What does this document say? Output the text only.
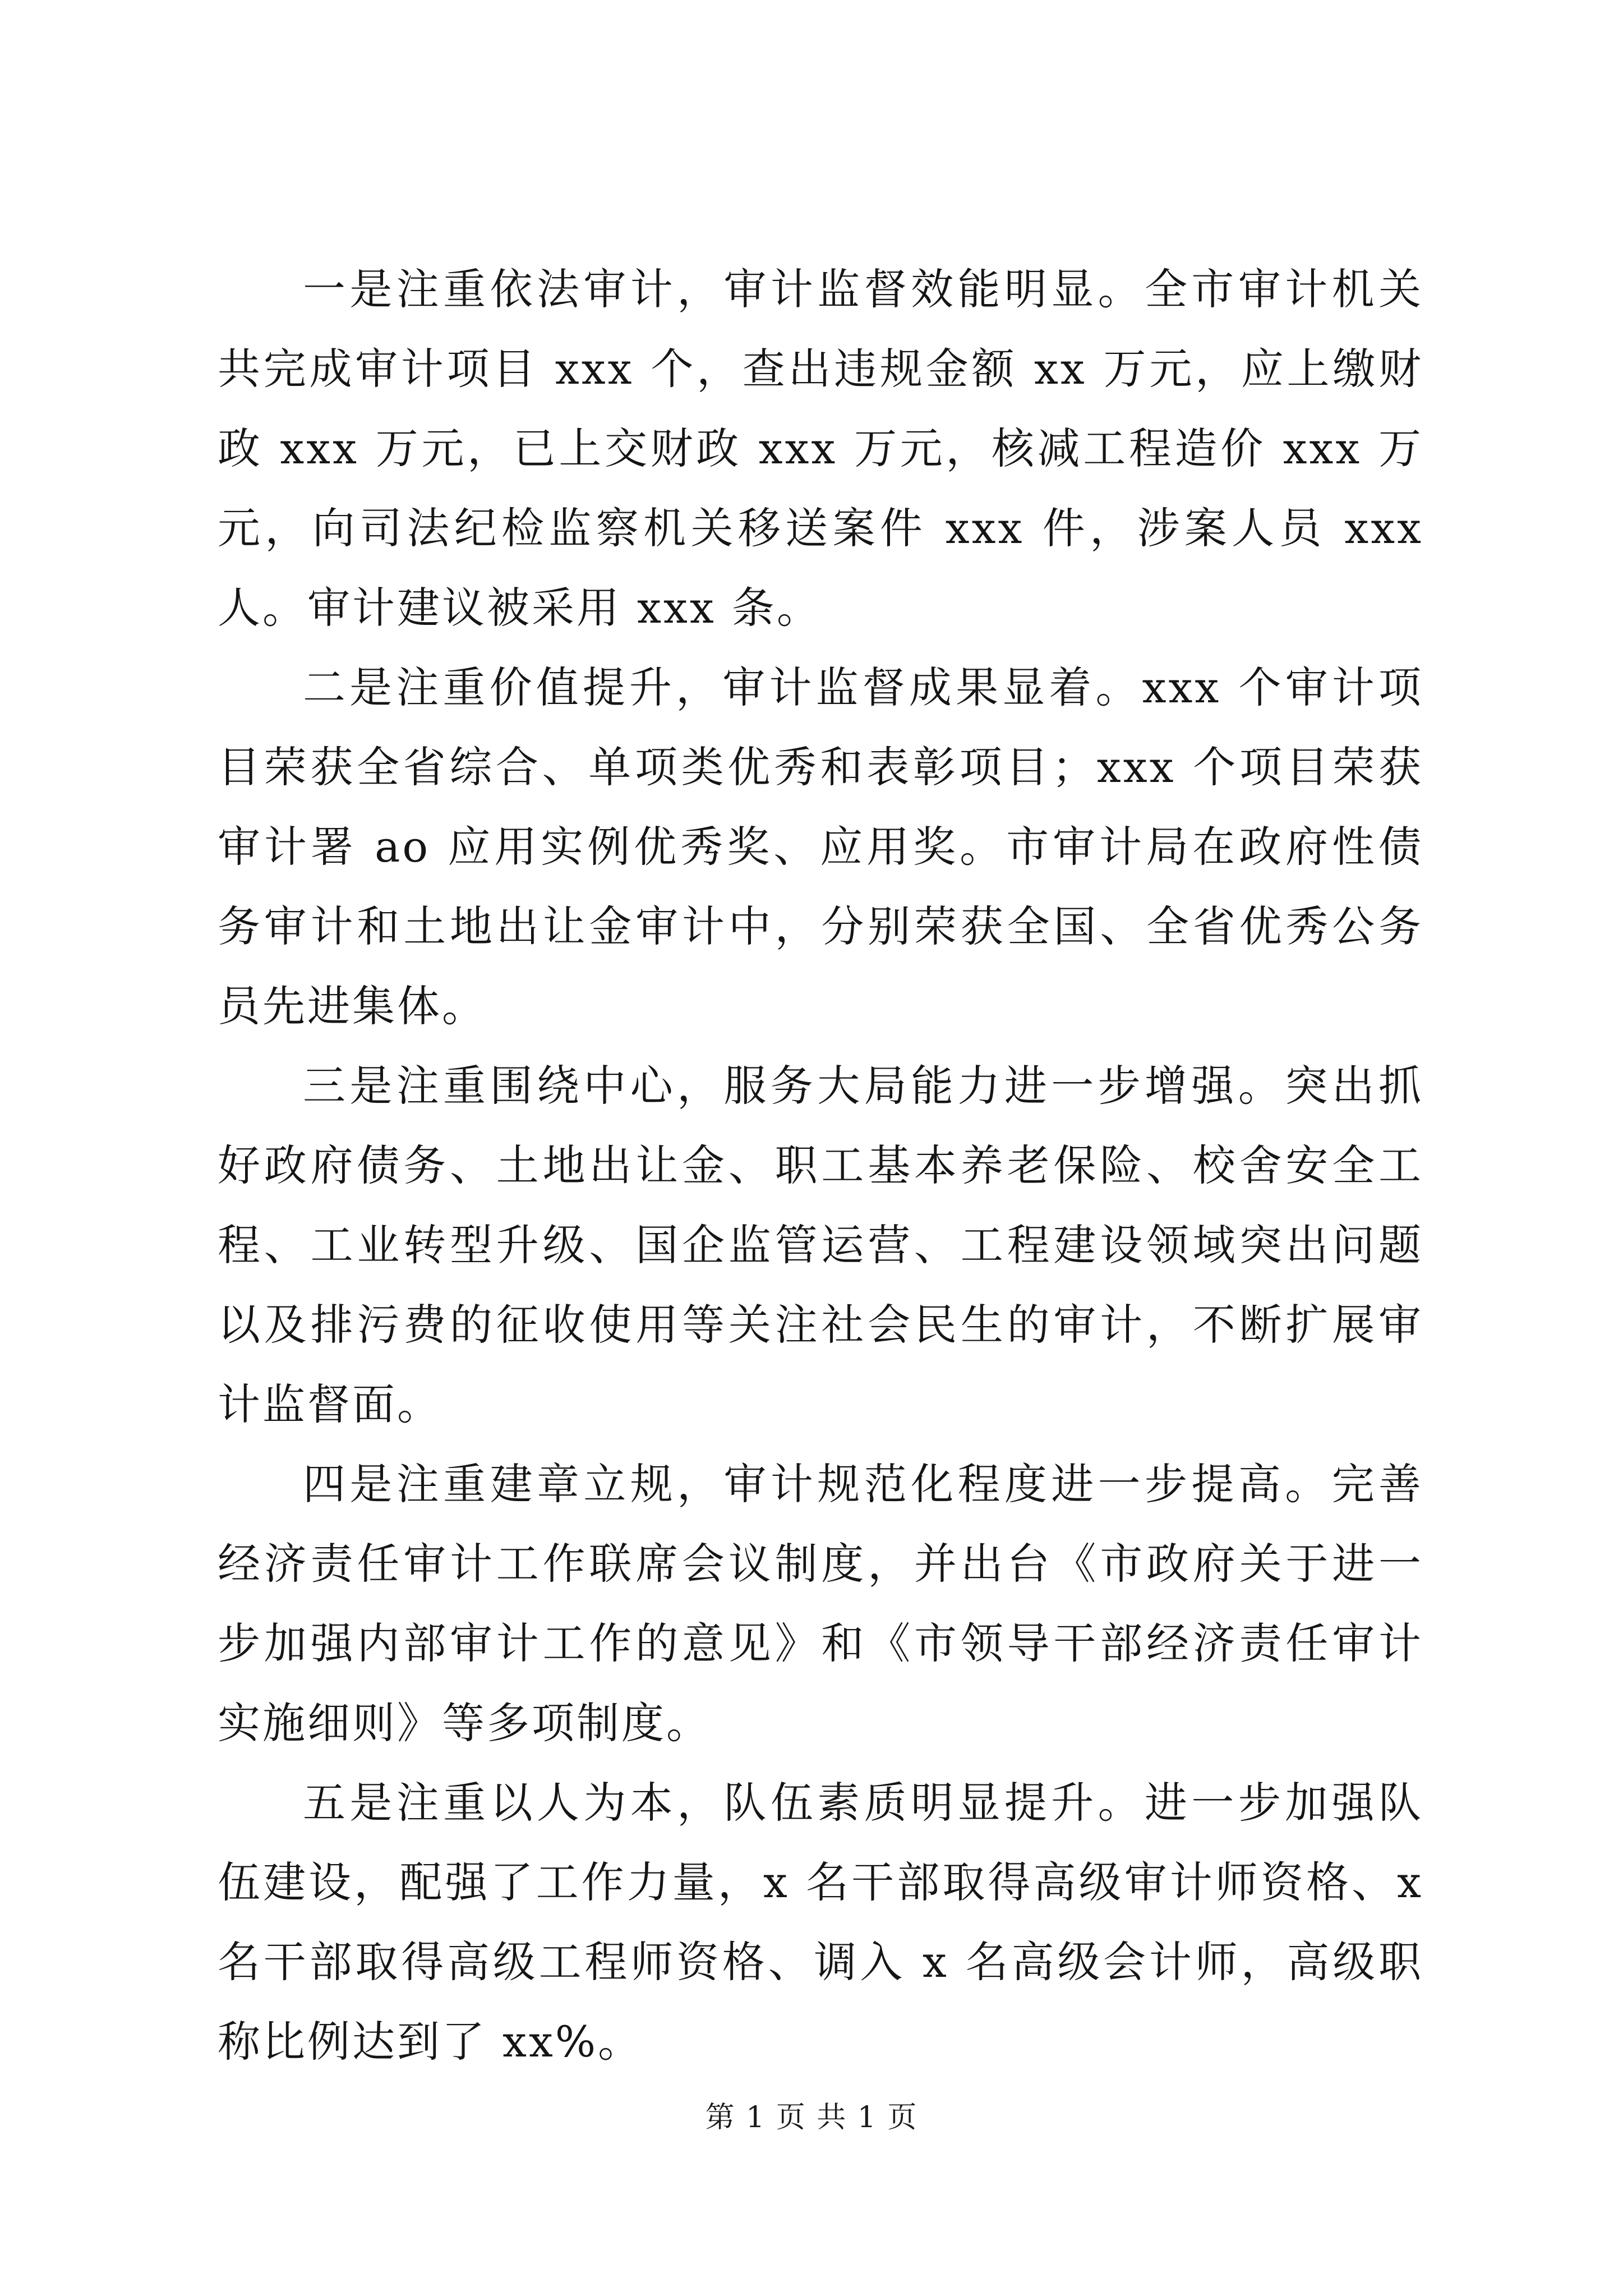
一是注重依法审计，审计监督效能明显。全市审计机关共完成审计项目 xxx 个，查出违规金额 xx 万元，应上缴财政 xxx 万元，已上交财政 xxx 万元，核减工程造价 xxx 万元，向司法纪检监察机关移送案件 xxx 件，涉案人员 xxx 人。审计建议被采用 xxx 条。

二是注重价值提升，审计监督成果显着。xxx 个审计项目荣获全省综合、单项类优秀和表彰项目；xxx 个项目荣获审计署 ao 应用实例优秀奖、应用奖。市审计局在政府性债务审计和土地出让金审计中，分别荣获全国、全省优秀公务员先进集体。

三是注重围绕中心，服务大局能力进一步增强。突出抓好政府债务、土地出让金、职工基本养老保险、校舍安全工程、工业转型升级、国企监管运营、工程建设领域突出问题以及排污费的征收使用等关注社会民生的审计，不断扩展审计监督面。

四是注重建章立规，审计规范化程度进一步提高。完善经济责任审计工作联席会议制度，并出台《市政府关于进一步加强内部审计工作的意见》和《市领导干部经济责任审计实施细则》等多项制度。

五是注重以人为本，队伍素质明显提升。进一步加强队伍建设，配强了工作力量，x 名干部取得高级审计师资格、x 名干部取得高级工程师资格、调入 x 名高级会计师，高级职称比例达到了 xx%。

第 1 页 共 1 页
